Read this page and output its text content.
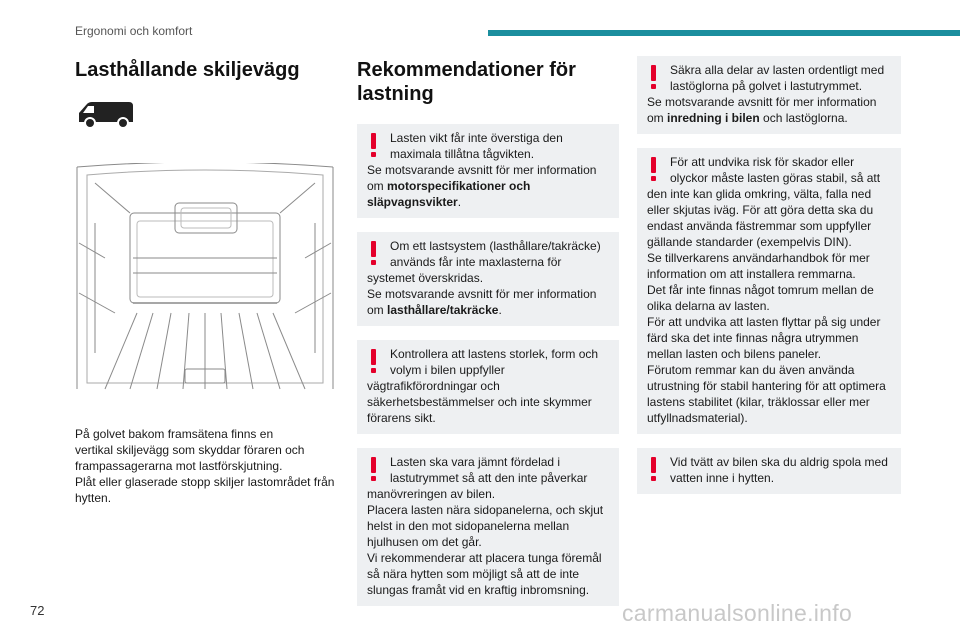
Ergonomi och komfort
Lasthållande skiljevägg

På golvet bakom framsätena finns en

vertikal skiljevägg som skyddar föraren och

frampassagerarna mot lastförskjutning.

Plåt eller glaserade stopp skiljer lastområdet från

hytten.

Rekommendationer för
lastning

Lasten vikt får inte överstiga den maximala tillåtna tågvikten.

Se motsvarande avsnitt för mer information om motorspecifikationer och släpvagnsvikter.

Om ett lastsystem (lasthållare/takräcke) används får inte maxlasterna för

systemet överskridas.

Se motsvarande avsnitt för mer information om lasthållare/takräcke.

Kontrollera att lastens storlek, form och volym i bilen uppfyller

vägtrafikförordningar och säkerhetsbestämmelser och inte skymmer förarens sikt.

Lasten ska vara jämnt fördelad i lastutrymmet så att den inte påverkar

manövreringen av bilen.

Placera lasten nära sidopanelerna, och skjut helst in den mot sidopanelerna mellan hjulhusen om det går.

Vi rekommenderar att placera tunga föremål så nära hytten som möjligt så att de inte slungas framåt vid en kraftig inbromsning.

Säkra alla delar av lasten ordentligt med lastöglorna på golvet i lastutrymmet.

Se motsvarande avsnitt för mer information om inredning i bilen och lastöglorna.

För att undvika risk för skador eller olyckor måste lasten göras stabil, så att

den inte kan glida omkring, välta, falla ned eller skjutas iväg. För att göra detta ska du endast använda fästremmar som uppfyller gällande standarder (exempelvis DIN).

Se tillverkarens användarhandbok för mer information om att installera remmarna.

Det får inte finnas något tomrum mellan de olika delarna av lasten.

För att undvika att lasten flyttar på sig under färd ska det inte finnas några utrymmen mellan lasten och bilens paneler.

Förutom remmar kan du även använda utrustning för stabil hantering för att optimera lastens stabilitet (kilar, träklossar eller mer utfyllnadsmaterial).

Vid tvätt av bilen ska du aldrig spola med vatten inne i hytten.

72	carmanualsonline.info
